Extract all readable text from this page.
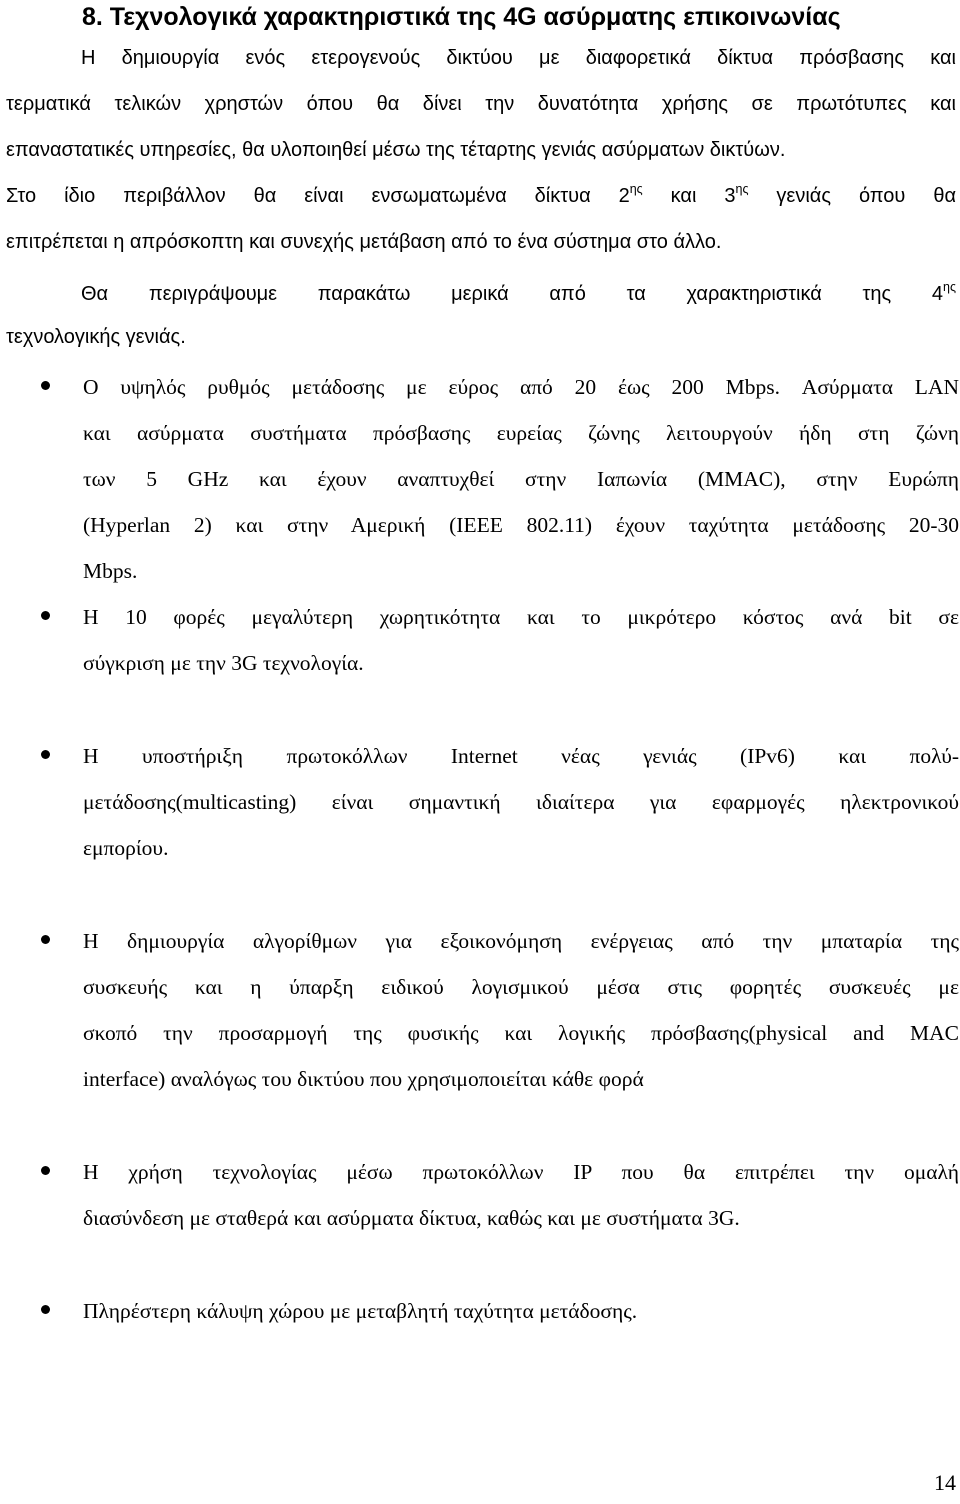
8. Τεχνολογικά χαρακτηριστικά της 4G ασύρματης επικοινωνίας
Η δημιουργία ενός ετερογενούς δικτύου με διαφορετικά δίκτυα πρόσβασης και
τερματικά τελικών χρηστών όπου θα δίνει την δυνατότητα χρήσης σε πρωτότυπες και
επαναστατικές υπηρεσίες, θα υλοποιηθεί μέσω της τέταρτης γενιάς ασύρματων δικτύων.
Στο ίδιο περιβάλλον θα είναι ενσωματωμένα δίκτυα $2^{\eta\varsigma}$ και $3^{\eta\varsigma}$ γενιάς όπου θα
επιτρέπεται η απρόσκοπτη και συνεχής μετάβαση από το ένα σύστημα στο άλλο.
Θα περιγράψουμε παρακάτω μερικά από τα χαρακτηριστικά της $4^{\eta\varsigma}$
τεχνολογικής γενιάς.
Ο υψηλός ρυθμός μετάδοσης με εύρος από 20 έως 200 Mbps. Ασύρματα LAN
και ασύρματα συστήματα πρόσβασης ευρείας ζώνης λειτουργούν ήδη στη ζώνη
των 5 GHz και έχουν αναπτυχθεί στην Ιαπωνία (MMAC), στην Ευρώπη
(Hyperlan 2) και στην Αμερική (IEEE 802.11) έχουν ταχύτητα μετάδοσης 20-30
Mbps.
Η 10 φορές μεγαλύτερη χωρητικότητα και το μικρότερο κόστος ανά bit σε
σύγκριση με την 3G τεχνολογία.
Η υποστήριξη πρωτοκόλλων Internet νέας γενιάς (IPv6) και πολύ-
μετάδοσης(multicasting) είναι σημαντική ιδιαίτερα για εφαρμογές ηλεκτρονικού
εμπορίου.
Η δημιουργία αλγορίθμων για εξοικονόμηση ενέργειας από την μπαταρία της
συσκευής και η ύπαρξη ειδικού λογισμικού μέσα στις φορητές συσκευές με
σκοπό την προσαρμογή της φυσικής και λογικής πρόσβασης(physical and MAC
interface) αναλόγως του δικτύου που χρησιμοποιείται κάθε φορά
Η χρήση τεχνολογίας μέσω πρωτοκόλλων IP που θα επιτρέπει την ομαλή
διασύνδεση με σταθερά και ασύρματα δίκτυα, καθώς και με συστήματα 3G.
Πληρέστερη κάλυψη χώρου με μεταβλητή ταχύτητα μετάδοσης.
14
